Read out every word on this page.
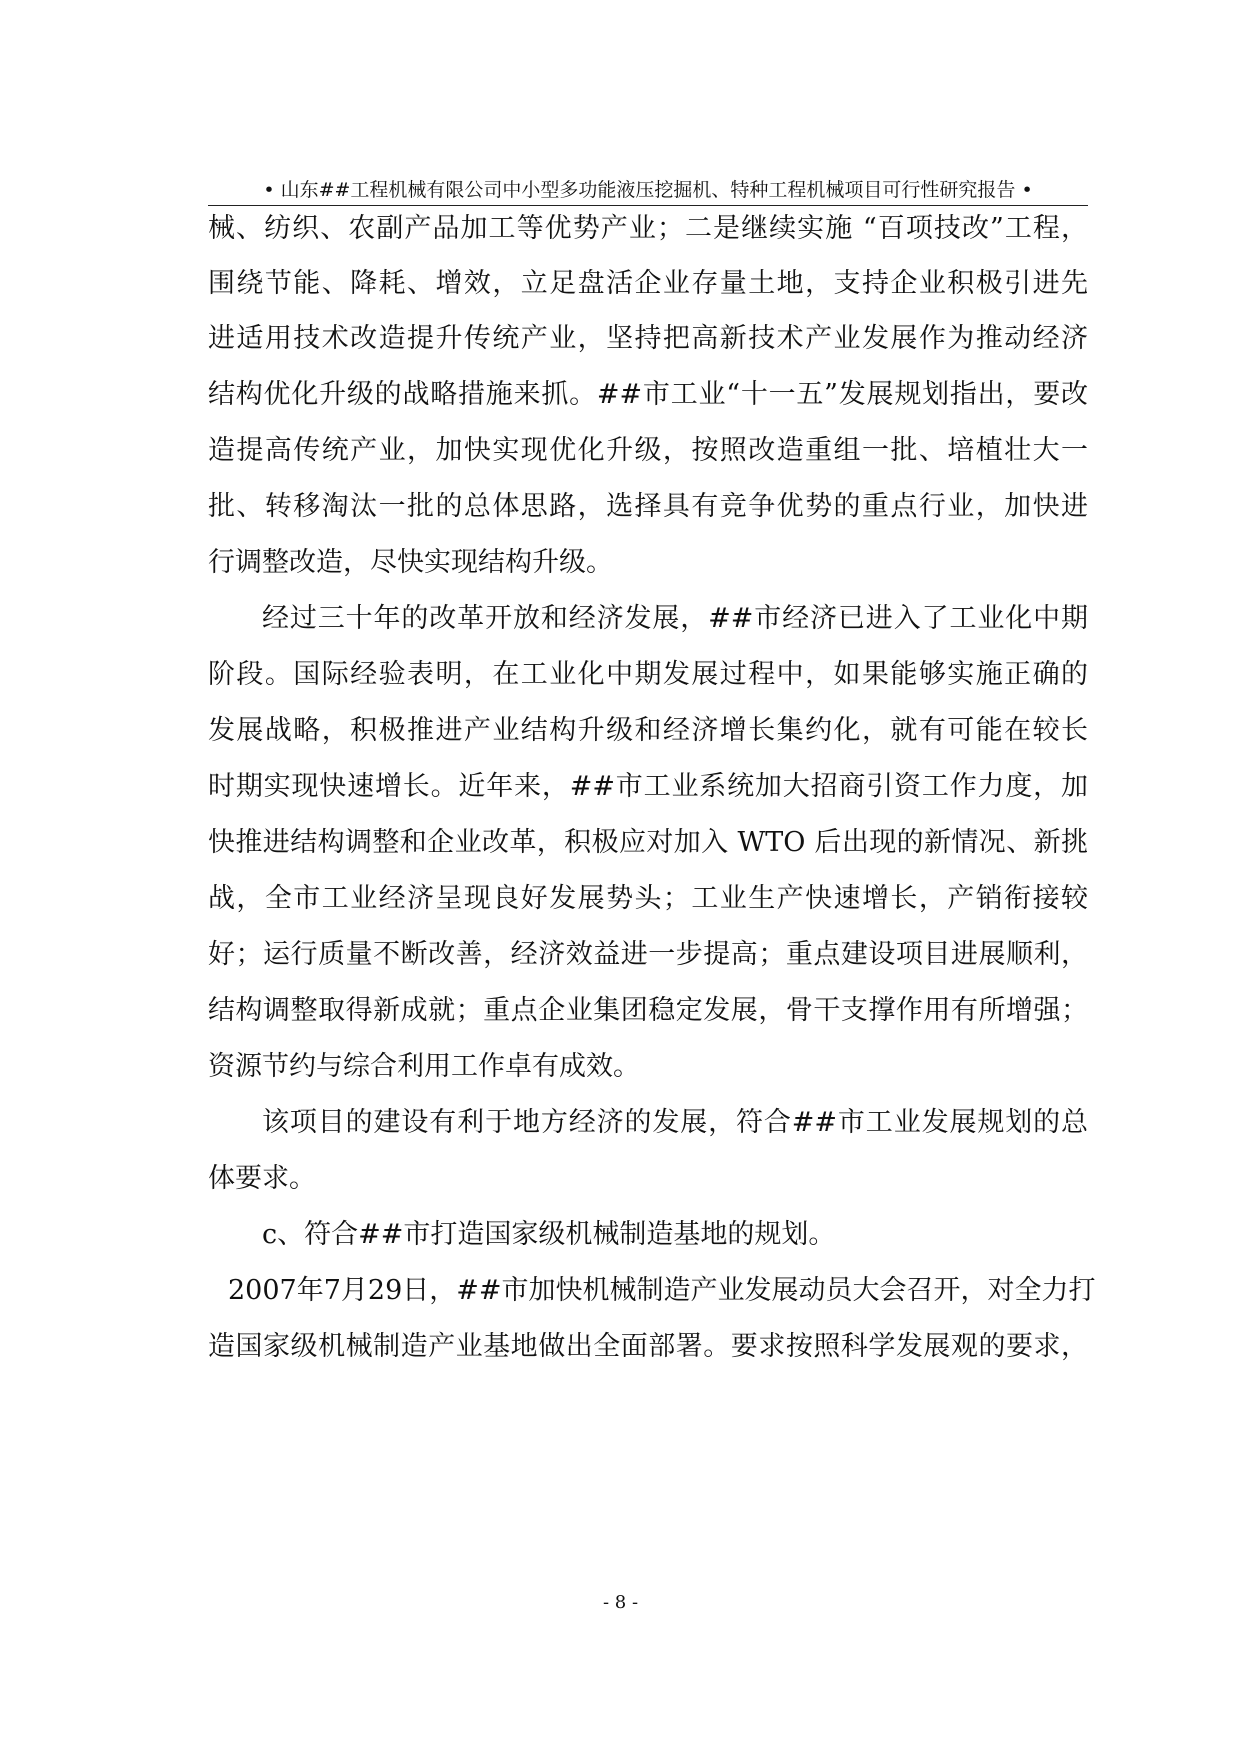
• 山东##工程机械有限公司中小型多功能液压挖掘机、特种工程机械项目可行性研究报告 •
械、纺织、农副产品加工等优势产业；二是继续实施 “百项技改”工程，
围绕节能、降耗、增效，立足盘活企业存量土地，支持企业积极引进先
进适用技术改造提升传统产业，坚持把高新技术产业发展作为推动经济
结构优化升级的战略措施来抓。##市工业“十一五”发展规划指出，要改
造提高传统产业，加快实现优化升级，按照改造重组一批、培植壮大一
批、转移淘汰一批的总体思路，选择具有竞争优势的重点行业，加快进
行调整改造，尽快实现结构升级。
经过三十年的改革开放和经济发展，##市经济已进入了工业化中期
阶段。国际经验表明，在工业化中期发展过程中，如果能够实施正确的
发展战略，积极推进产业结构升级和经济增长集约化，就有可能在较长
时期实现快速增长。近年来，##市工业系统加大招商引资工作力度，加
快推进结构调整和企业改革，积极应对加入 WTO 后出现的新情况、新挑
战，全市工业经济呈现良好发展势头；工业生产快速增长，产销衔接较
好；运行质量不断改善，经济效益进一步提高；重点建设项目进展顺利，
结构调整取得新成就；重点企业集团稳定发展，骨干支撑作用有所增强；
资源节约与综合利用工作卓有成效。
该项目的建设有利于地方经济的发展，符合##市工业发展规划的总
体要求。
c、符合##市打造国家级机械制造基地的规划。
2007年7月29日，##市加快机械制造产业发展动员大会召开，对全力打
造国家级机械制造产业基地做出全面部署。要求按照科学发展观的要求，
- 8 -
